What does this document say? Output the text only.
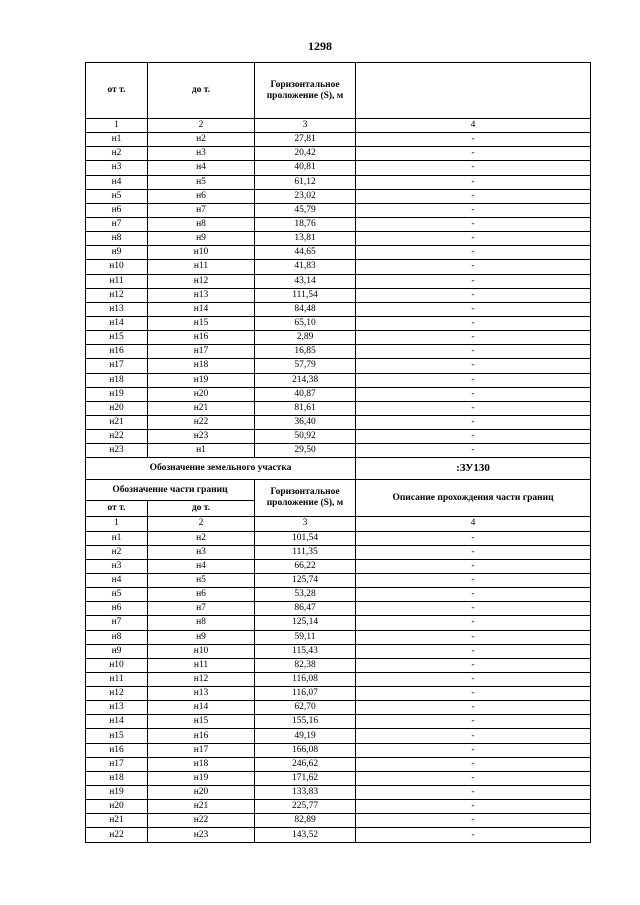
1298
от т.	до т.	Горизонтальное проложение (S), м	
1	2	3	4
н1	н2	27,81	-
н2	н3	20,42	-
н3	н4	40,81	-
н4	н5	61,12	-
н5	н6	23,02	-
н6	н7	45,79	-
н7	н8	18,76	-
н8	н9	13,81	-
н9	н10	44,65	-
н10	н11	41,83	-
н11	н12	43,14	-
н12	н13	111,54	-
н13	н14	84,48	-
н14	н15	65,10	-
н15	н16	2,89	-
н16	н17	16,85	-
н17	н18	57,79	-
н18	н19	214,38	-
н19	н20	40,87	-
н20	н21	81,61	-
н21	н22	36,40	-
н22	н23	50,92	-
н23	н1	29,50	-
Обозначение земельного участка			:ЗУ130
Обозначение части границ		Горизонтальное проложение (S), м	Описание прохождения части границ
от т.	до т.		
1	2	3	4
н1	н2	101,54	-
н2	н3	111,35	-
н3	н4	66,22	-
н4	н5	125,74	-
н5	н6	53,28	-
н6	н7	86,47	-
н7	н8	125,14	-
н8	н9	59,11	-
н9	н10	115,43	-
н10	н11	82,38	-
н11	н12	116,08	-
н12	н13	116,07	-
н13	н14	62,70	-
н14	н15	155,16	-
н15	н16	49,19	-
н16	н17	166,08	-
н17	н18	246,62	-
н18	н19	171,62	-
н19	н20	133,83	-
н20	н21	225,77	-
н21	н22	82,89	-
н22	н23	143,52	-
